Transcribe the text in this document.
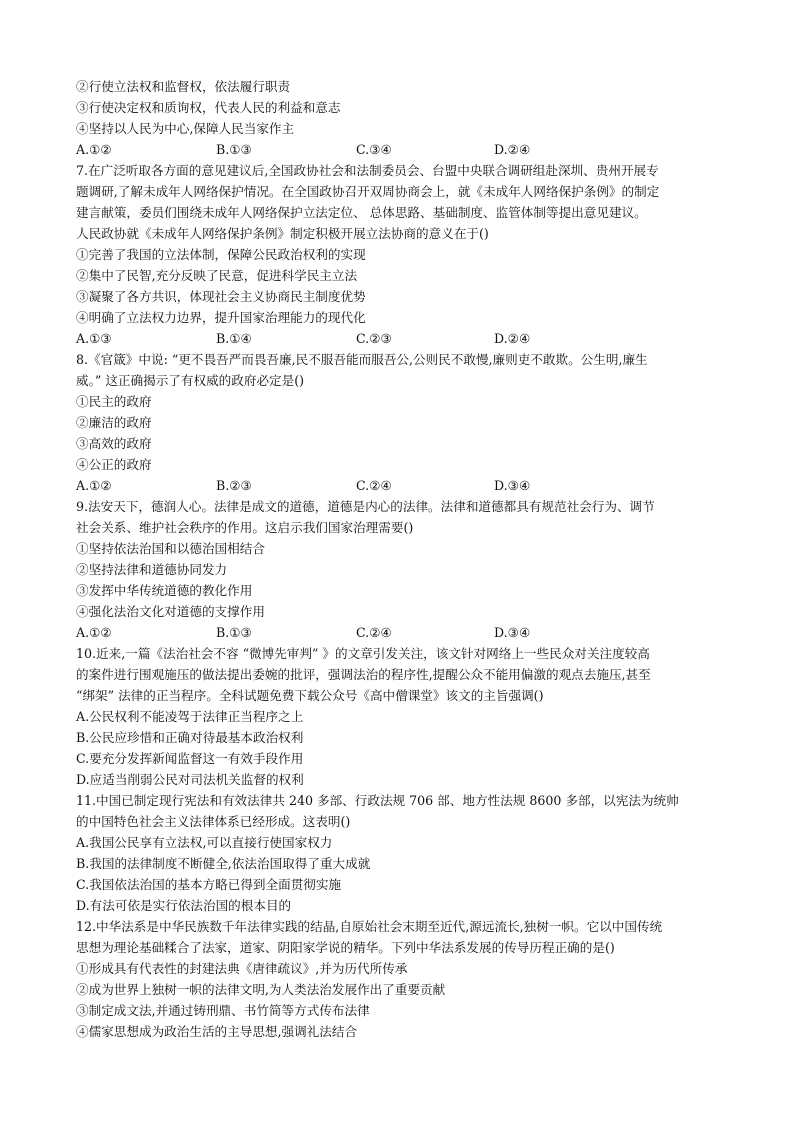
②行使立法权和监督权，依法履行职责
③行使决定权和质询权，代表人民的利益和意志
④坚持以人民为中心,保障人民当家作主
A.①②	B.①③	C.③④	D.②④
7.在广泛听取各方面的意见建议后,全国政协社会和法制委员会、台盟中央联合调研组赴深圳、贵州开展专
题调研,了解未成年人网络保护情况。在全国政协召开双周协商会上，就《未成年人网络保护条例》的制定
建言献策，委员们围绕未成年人网络保护立法定位、 总体思路、基础制度、监管体制等提出意见建议。
人民政协就《未成年人网络保护条例》制定积极开展立法协商的意义在于()
①完善了我国的立法体制，保障公民政治权利的实现
②集中了民智,充分反映了民意，促进科学民主立法
③凝聚了各方共识，体现社会主义协商民主制度优势
④明确了立法权力边界，提升国家治理能力的现代化
A.①③	B.①④	C.②③	D.②④
8.《官箴》中说: “更不畏吾严而畏吾廉,民不服吾能而服吾公,公则民不敢慢,廉则吏不敢欺。公生明,廉生
威。” 这正确揭示了有权威的政府必定是()
①民主的政府
②廉洁的政府
③高效的政府
④公正的政府
A.①②	B.②③	C.②④	D.③④
9.法安天下，德润人心。法律是成文的道德，道德是内心的法律。法律和道德都具有规范社会行为、调节
社会关系、维护社会秩序的作用。这启示我们国家治理需要()
①坚持依法治国和以德治国相结合
②坚持法律和道德协同发力
③发挥中华传统道德的教化作用
④强化法治文化对道德的支撑作用
A.①②	B.①③	C.②④	D.③④
10.近来,一篇《法治社会不容 “微博先审判” 》的文章引发关注，该文针对网络上一些民众对关注度较高
的案件进行围观施压的做法提出委婉的批评，强调法治的程序性,提醒公众不能用偏激的观点去施压,甚至
“绑架” 法律的正当程序。全科试题免费下载公众号《高中僧课堂》该文的主旨强调()
A.公民权利不能凌驾于法律正当程序之上
B.公民应珍惜和正确对待最基本政治权利
C.要充分发挥新闻监督这一有效手段作用
D.应适当削弱公民对司法机关监督的权利
11.中国已制定现行宪法和有效法律共 240 多部、行政法规 706 部、地方性法规 8600 多部，以宪法为统帅
的中国特色社会主义法律体系已经形成。这表明()
A.我国公民享有立法权,可以直接行使国家权力
B.我国的法律制度不断健全,依法治国取得了重大成就
C.我国依法治国的基本方略已得到全面贯彻实施
D.有法可依是实行依法治国的根本目的
12.中华法系是中华民族数千年法律实践的结晶,自原始社会末期至近代,源远流长,独树一帜。它以中国传统
思想为理论基础糅合了法家，道家、阴阳家学说的精华。下列中华法系发展的传导历程正确的是()
①形成具有代表性的封建法典《唐律疏议》,并为历代所传承
②成为世界上独树一帜的法律文明,为人类法治发展作出了重要贡献
③制定成文法,并通过铸刑鼎、书竹简等方式传布法律
④儒家思想成为政治生活的主导思想,强调礼法结合
